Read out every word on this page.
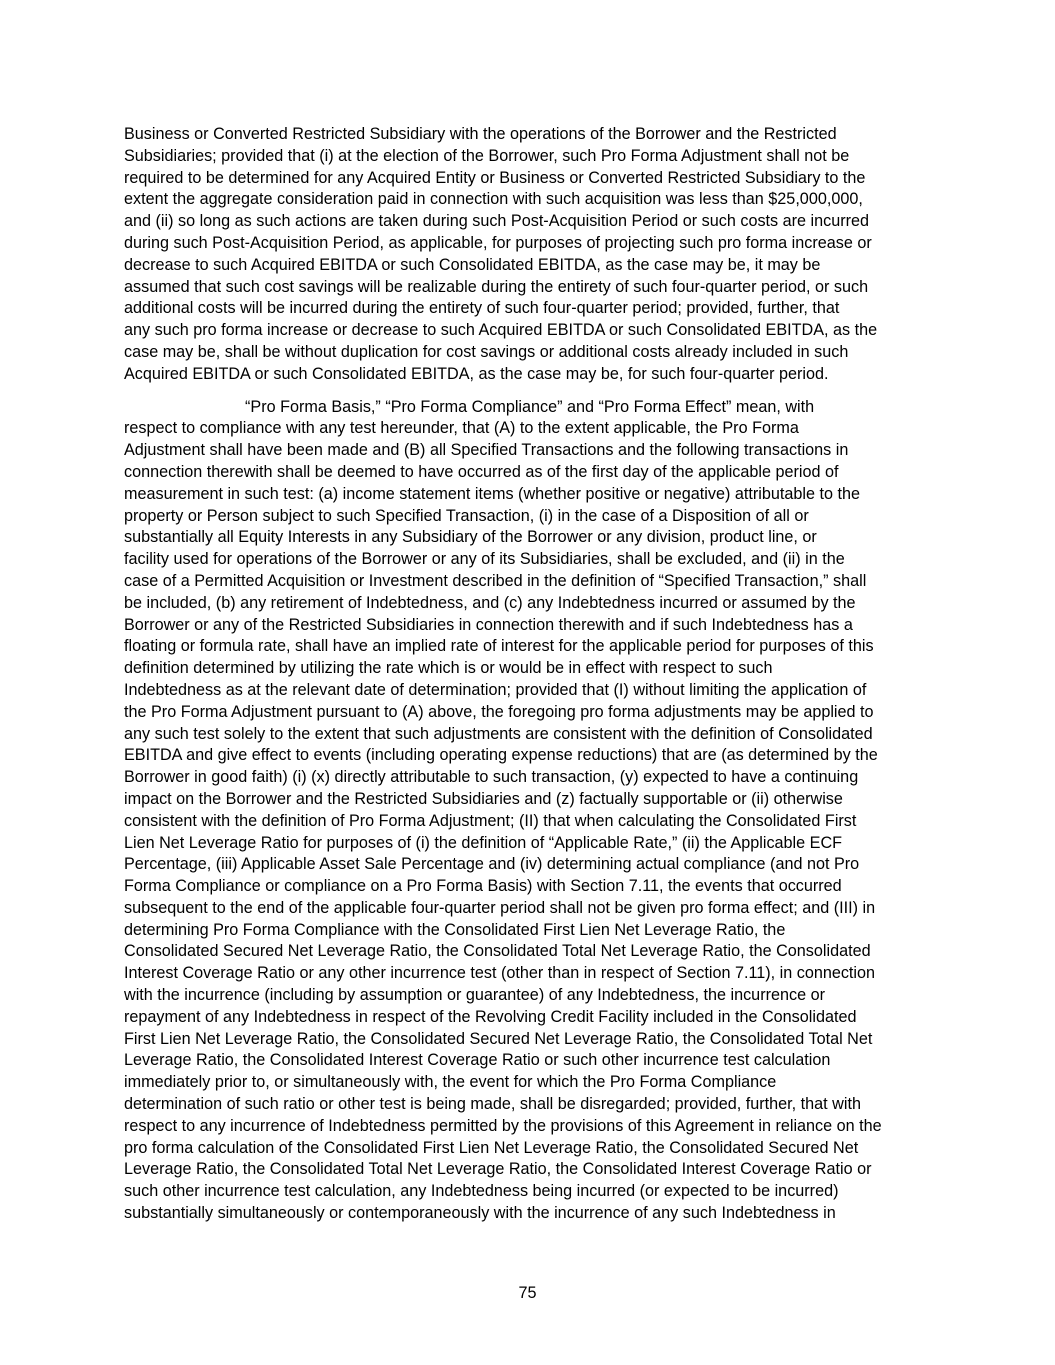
Business or Converted Restricted Subsidiary with the operations of the Borrower and the Restricted
Subsidiaries; provided that (i) at the election of the Borrower, such Pro Forma Adjustment shall not be
required to be determined for any Acquired Entity or Business or Converted Restricted Subsidiary to the
extent the aggregate consideration paid in connection with such acquisition was less than $25,000,000,
and (ii) so long as such actions are taken during such Post-Acquisition Period or such costs are incurred
during such Post-Acquisition Period, as applicable, for purposes of projecting such pro forma increase or
decrease to such Acquired EBITDA or such Consolidated EBITDA, as the case may be, it may be
assumed that such cost savings will be realizable during the entirety of such four-quarter period, or such
additional costs will be incurred during the entirety of such four-quarter period; provided, further, that
any such pro forma increase or decrease to such Acquired EBITDA or such Consolidated EBITDA, as the
case may be, shall be without duplication for cost savings or additional costs already included in such
Acquired EBITDA or such Consolidated EBITDA, as the case may be, for such four-quarter period.

“Pro Forma Basis,” “Pro Forma Compliance” and “Pro Forma Effect” mean, with
respect to compliance with any test hereunder, that (A) to the extent applicable, the Pro Forma
Adjustment shall have been made and (B) all Specified Transactions and the following transactions in
connection therewith shall be deemed to have occurred as of the first day of the applicable period of
measurement in such test: (a) income statement items (whether positive or negative) attributable to the
property or Person subject to such Specified Transaction, (i) in the case of a Disposition of all or
substantially all Equity Interests in any Subsidiary of the Borrower or any division, product line, or
facility used for operations of the Borrower or any of its Subsidiaries, shall be excluded, and (ii) in the
case of a Permitted Acquisition or Investment described in the definition of “Specified Transaction,” shall
be included, (b) any retirement of Indebtedness, and (c) any Indebtedness incurred or assumed by the
Borrower or any of the Restricted Subsidiaries in connection therewith and if such Indebtedness has a
floating or formula rate, shall have an implied rate of interest for the applicable period for purposes of this
definition determined by utilizing the rate which is or would be in effect with respect to such
Indebtedness as at the relevant date of determination; provided that (I) without limiting the application of
the Pro Forma Adjustment pursuant to (A) above, the foregoing pro forma adjustments may be applied to
any such test solely to the extent that such adjustments are consistent with the definition of Consolidated
EBITDA and give effect to events (including operating expense reductions) that are (as determined by the
Borrower in good faith) (i) (x) directly attributable to such transaction, (y) expected to have a continuing
impact on the Borrower and the Restricted Subsidiaries and (z) factually supportable or (ii) otherwise
consistent with the definition of Pro Forma Adjustment; (II) that when calculating the Consolidated First
Lien Net Leverage Ratio for purposes of (i) the definition of “Applicable Rate,” (ii) the Applicable ECF
Percentage, (iii) Applicable Asset Sale Percentage and (iv) determining actual compliance (and not Pro
Forma Compliance or compliance on a Pro Forma Basis) with Section 7.11, the events that occurred
subsequent to the end of the applicable four-quarter period shall not be given pro forma effect; and (III) in
determining Pro Forma Compliance with the Consolidated First Lien Net Leverage Ratio, the
Consolidated Secured Net Leverage Ratio, the Consolidated Total Net Leverage Ratio, the Consolidated
Interest Coverage Ratio or any other incurrence test (other than in respect of Section 7.11), in connection
with the incurrence (including by assumption or guarantee) of any Indebtedness, the incurrence or
repayment of any Indebtedness in respect of the Revolving Credit Facility included in the Consolidated
First Lien Net Leverage Ratio, the Consolidated Secured Net Leverage Ratio, the Consolidated Total Net
Leverage Ratio, the Consolidated Interest Coverage Ratio or such other incurrence test calculation
immediately prior to, or simultaneously with, the event for which the Pro Forma Compliance
determination of such ratio or other test is being made, shall be disregarded; provided, further, that with
respect to any incurrence of Indebtedness permitted by the provisions of this Agreement in reliance on the
pro forma calculation of the Consolidated First Lien Net Leverage Ratio, the Consolidated Secured Net
Leverage Ratio, the Consolidated Total Net Leverage Ratio, the Consolidated Interest Coverage Ratio or
such other incurrence test calculation, any Indebtedness being incurred (or expected to be incurred)
substantially simultaneously or contemporaneously with the incurrence of any such Indebtedness in

75
